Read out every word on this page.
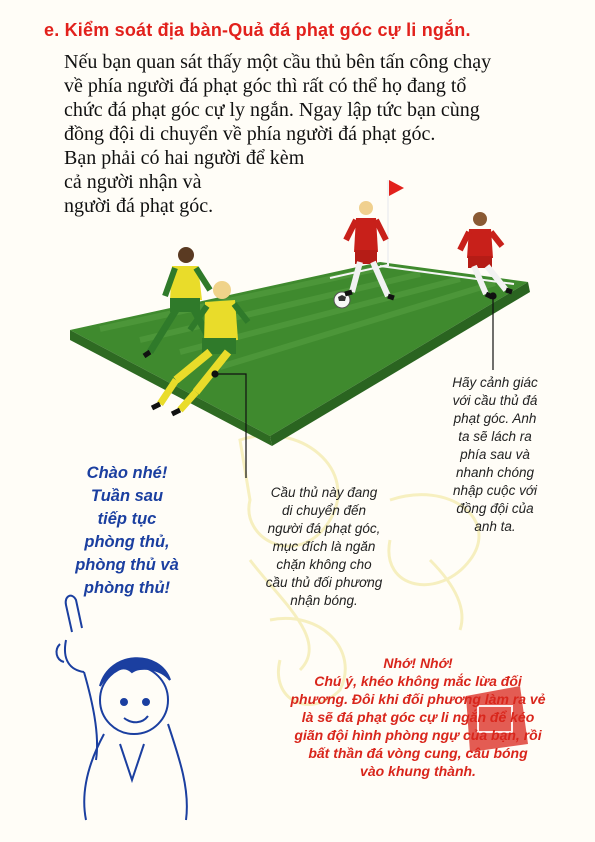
e. Kiểm soát địa bàn-Quả đá phạt góc cự li ngắn.
Nếu bạn quan sát thấy một cầu thủ bên tấn công chạy
về phía người đá phạt góc thì rất có thể họ đang tổ
chức đá phạt góc cự ly ngắn. Ngay lập tức bạn cùng
đồng đội di chuyển về phía người đá phạt góc.
Bạn phải có hai người để kèm
cả người nhận và
người đá phạt góc.
Hãy cảnh giác
với cầu thủ đá
phạt góc. Anh
ta sẽ lách ra
phía sau và
nhanh chóng
nhập cuộc với
đồng đội của
anh ta.
Cầu thủ này đang
di chuyển đến
người đá phạt góc,
mục đích là ngăn
chặn không cho
cầu thủ đối phương
nhận bóng.
Chào nhé!
Tuần sau
tiếp tục
phòng thủ,
phòng thủ và
phòng thủ!
Nhớ! Nhớ!
Chú ý, khéo không mắc lừa đối
phương. Đôi khi đối phương làm ra vẻ
là sẽ đá phạt góc cự li ngắn để kéo
giãn đội hình phòng ngự của bạn, rồi
bất thần đá vòng cung, câu bóng
vào khung thành.
